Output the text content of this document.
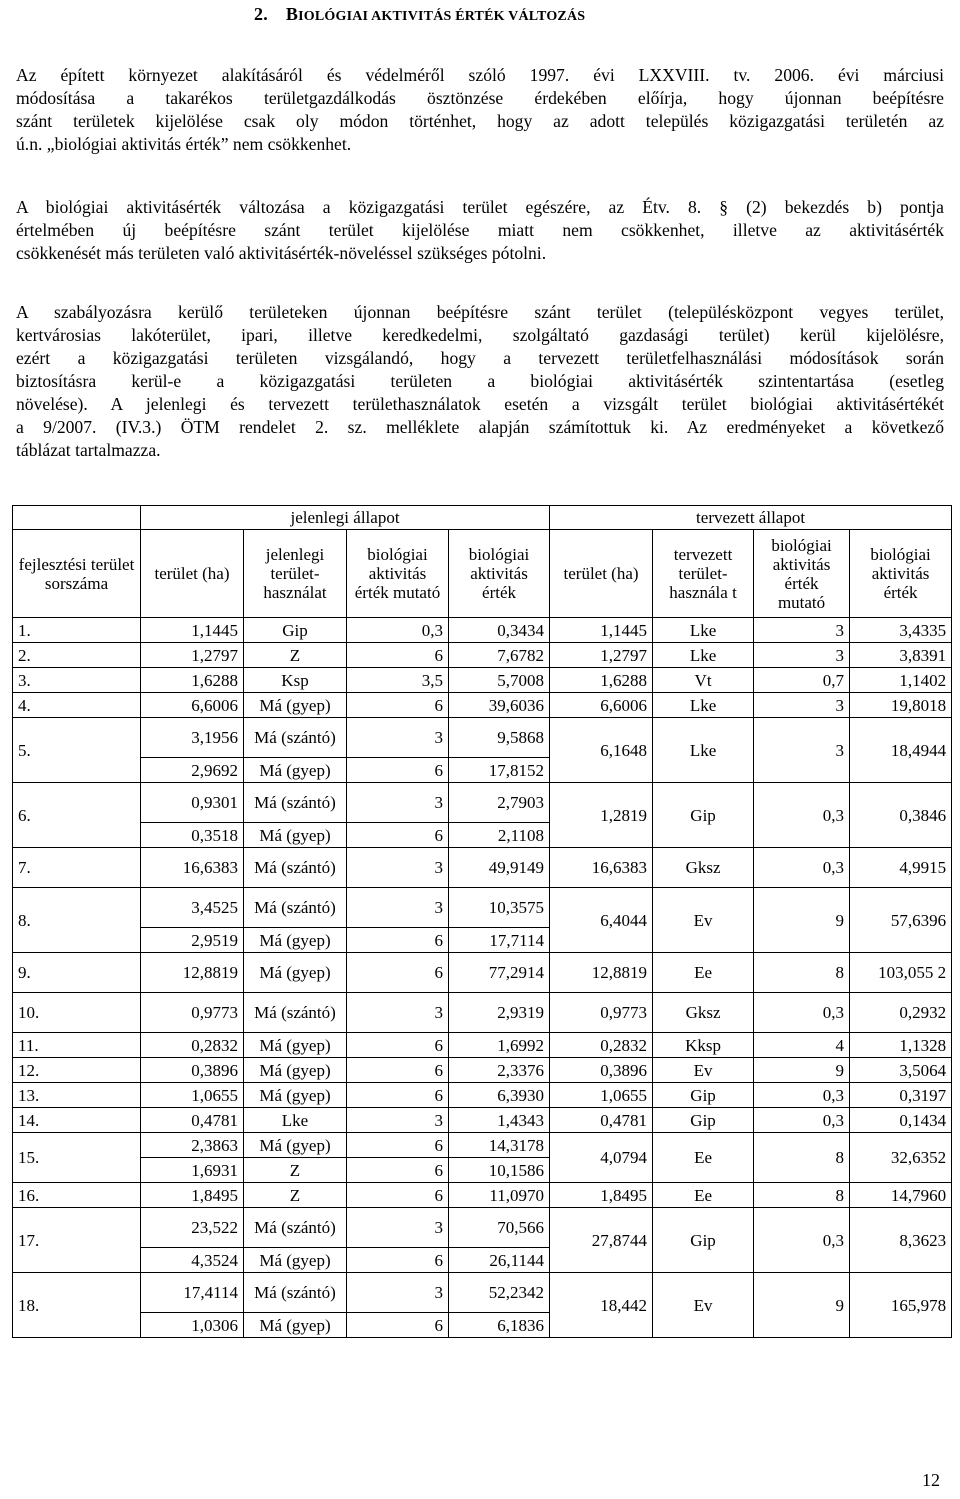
2. BIOLÓGIAI AKTIVITÁS ÉRTÉK VÁLTOZÁS
Az épített környezet alakításáról és védelméről szóló 1997. évi LXXVIII. tv. 2006. évi márciusi
módosítása a takarékos területgazdálkodás ösztönzése érdekében előírja, hogy újonnan beépítésre
szánt területek kijelölése csak oly módon történhet, hogy az adott település közigazgatási területén az
ú.n. „biológiai aktivitás érték” nem csökkenhet.
A biológiai aktivitásérték változása a közigazgatási terület egészére, az Étv. 8. § (2) bekezdés b) pontja
értelmében új beépítésre szánt terület kijelölése miatt nem csökkenhet, illetve az aktivitásérték
csökkenését más területen való aktivitásérték-növeléssel szükséges pótolni.
A szabályozásra kerülő területeken újonnan beépítésre szánt terület (településközpont vegyes terület,
kertvárosias lakóterület, ipari, illetve keredkedelmi, szolgáltató gazdasági terület) kerül kijelölésre,
ezért a közigazgatási területen vizsgálandó, hogy a tervezett területfelhasználási módosítások során
biztosításra kerül-e a közigazgatási területen a biológiai aktivitásérték szintentartása (esetleg
növelése). A jelenlegi és tervezett területhasználatok esetén a vizsgált terület biológiai aktivitásértékét
a 9/2007. (IV.3.) ÖTM rendelet 2. sz. melléklete alapján számítottuk ki. Az eredményeket a következő
táblázat tartalmazza.
	jelenlegi állapot				tervezett állapot			
fejlesztési terület sorszáma	terület (ha)	jelenlegi terület-használat	biológiai aktivitás érték mutató	biológiai aktivitás érték	terület (ha)	tervezett terület-használa t	biológiai aktivitás érték mutató	biológiai aktivitás érték
1.	1,1445	Gip	0,3	0,3434	1,1445	Lke	3	3,4335
2.	1,2797	Z	6	7,6782	1,2797	Lke	3	3,8391
3.	1,6288	Ksp	3,5	5,7008	1,6288	Vt	0,7	1,1402
4.	6,6006	Má (gyep)	6	39,6036	6,6006	Lke	3	19,8018
5.	3,1956	Má (szántó)	3	9,5868	6,1648	Lke	3	18,4944
	2,9692	Má (gyep)	6	17,8152				
6.	0,9301	Má (szántó)	3	2,7903	1,2819	Gip	0,3	0,3846
	0,3518	Má (gyep)	6	2,1108				
7.	16,6383	Má (szántó)	3	49,9149	16,6383	Gksz	0,3	4,9915
8.	3,4525	Má (szántó)	3	10,3575	6,4044	Ev	9	57,6396
	2,9519	Má (gyep)	6	17,7114				
9.	12,8819	Má (gyep)	6	77,2914	12,8819	Ee	8	103,055 2
10.	0,9773	Má (szántó)	3	2,9319	0,9773	Gksz	0,3	0,2932
11.	0,2832	Má (gyep)	6	1,6992	0,2832	Kksp	4	1,1328
12.	0,3896	Má (gyep)	6	2,3376	0,3896	Ev	9	3,5064
13.	1,0655	Má (gyep)	6	6,3930	1,0655	Gip	0,3	0,3197
14.	0,4781	Lke	3	1,4343	0,4781	Gip	0,3	0,1434
15.	2,3863	Má (gyep)	6	14,3178	4,0794	Ee	8	32,6352
	1,6931	Z	6	10,1586				
16.	1,8495	Z	6	11,0970	1,8495	Ee	8	14,7960
17.	23,522	Má (szántó)	3	70,566	27,8744	Gip	0,3	8,3623
	4,3524	Má (gyep)	6	26,1144				
18.	17,4114	Má (szántó)	3	52,2342	18,442	Ev	9	165,978
	1,0306	Má (gyep)	6	6,1836				
12
